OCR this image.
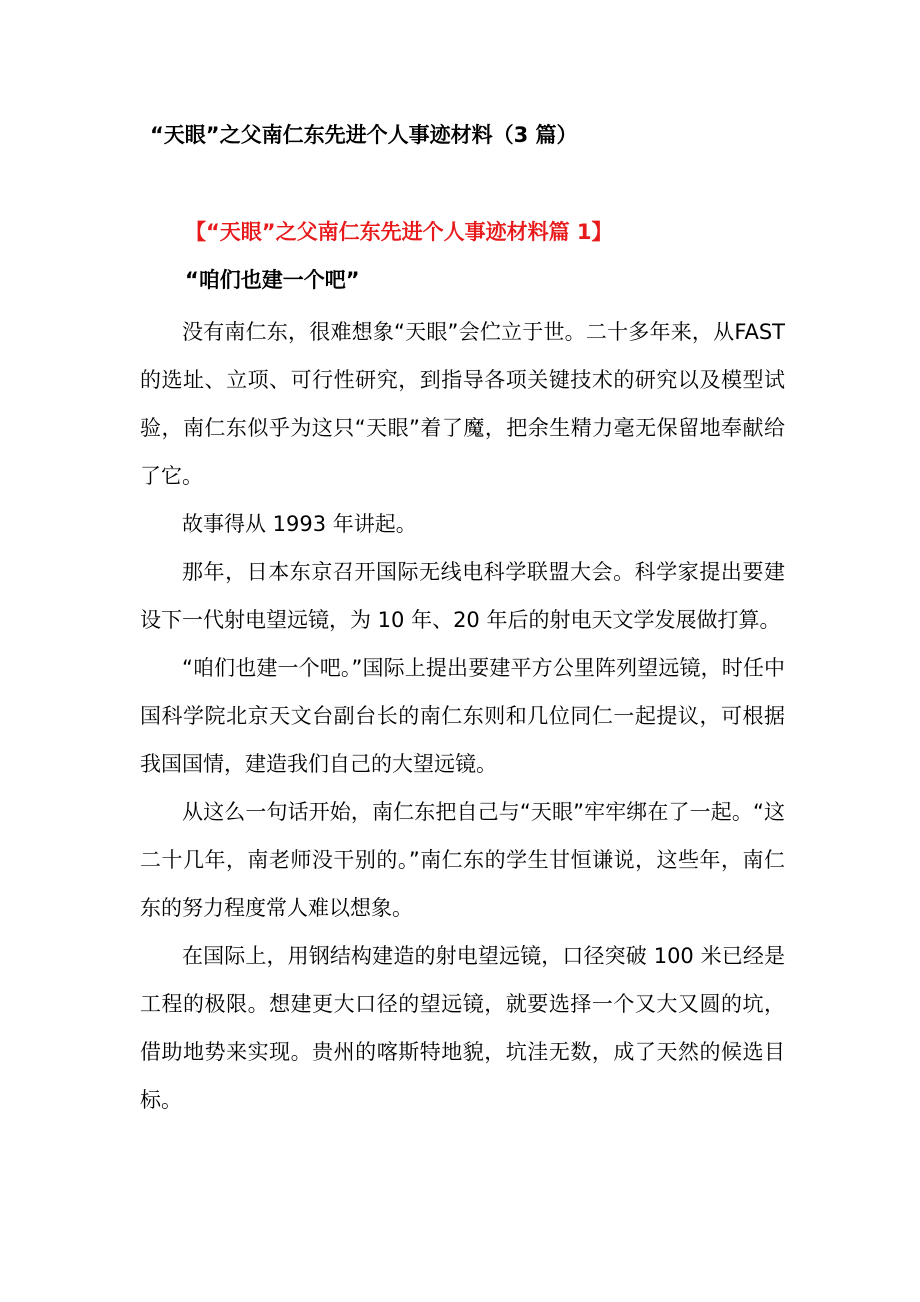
“天眼”之父南仁东先进个人事迹材料（3 篇）
【“天眼”之父南仁东先进个人事迹材料篇 1】
“咱们也建一个吧”

没有南仁东，很难想象“天眼”会伫立于世。二十多年来，从FAST 的选址、立项、可行性研究，到指导各项关键技术的研究以及模型试验，南仁东似乎为这只“天眼”着了魔，把余生精力毫无保留地奉献给了它。

故事得从 1993 年讲起。

那年，日本东京召开国际无线电科学联盟大会。科学家提出要建设下一代射电望远镜，为 10 年、20 年后的射电天文学发展做打算。

“咱们也建一个吧。”国际上提出要建平方公里阵列望远镜，时任中国科学院北京天文台副台长的南仁东则和几位同仁一起提议，可根据我国国情，建造我们自己的大望远镜。

从这么一句话开始，南仁东把自己与“天眼”牢牢绑在了一起。“这二十几年，南老师没干别的。”南仁东的学生甘恒谦说，这些年，南仁东的努力程度常人难以想象。

在国际上，用钢结构建造的射电望远镜，口径突破 100 米已经是工程的极限。想建更大口径的望远镜，就要选择一个又大又圆的坑，借助地势来实现。贵州的喀斯特地貌，坑洼无数，成了天然的候选目标。
